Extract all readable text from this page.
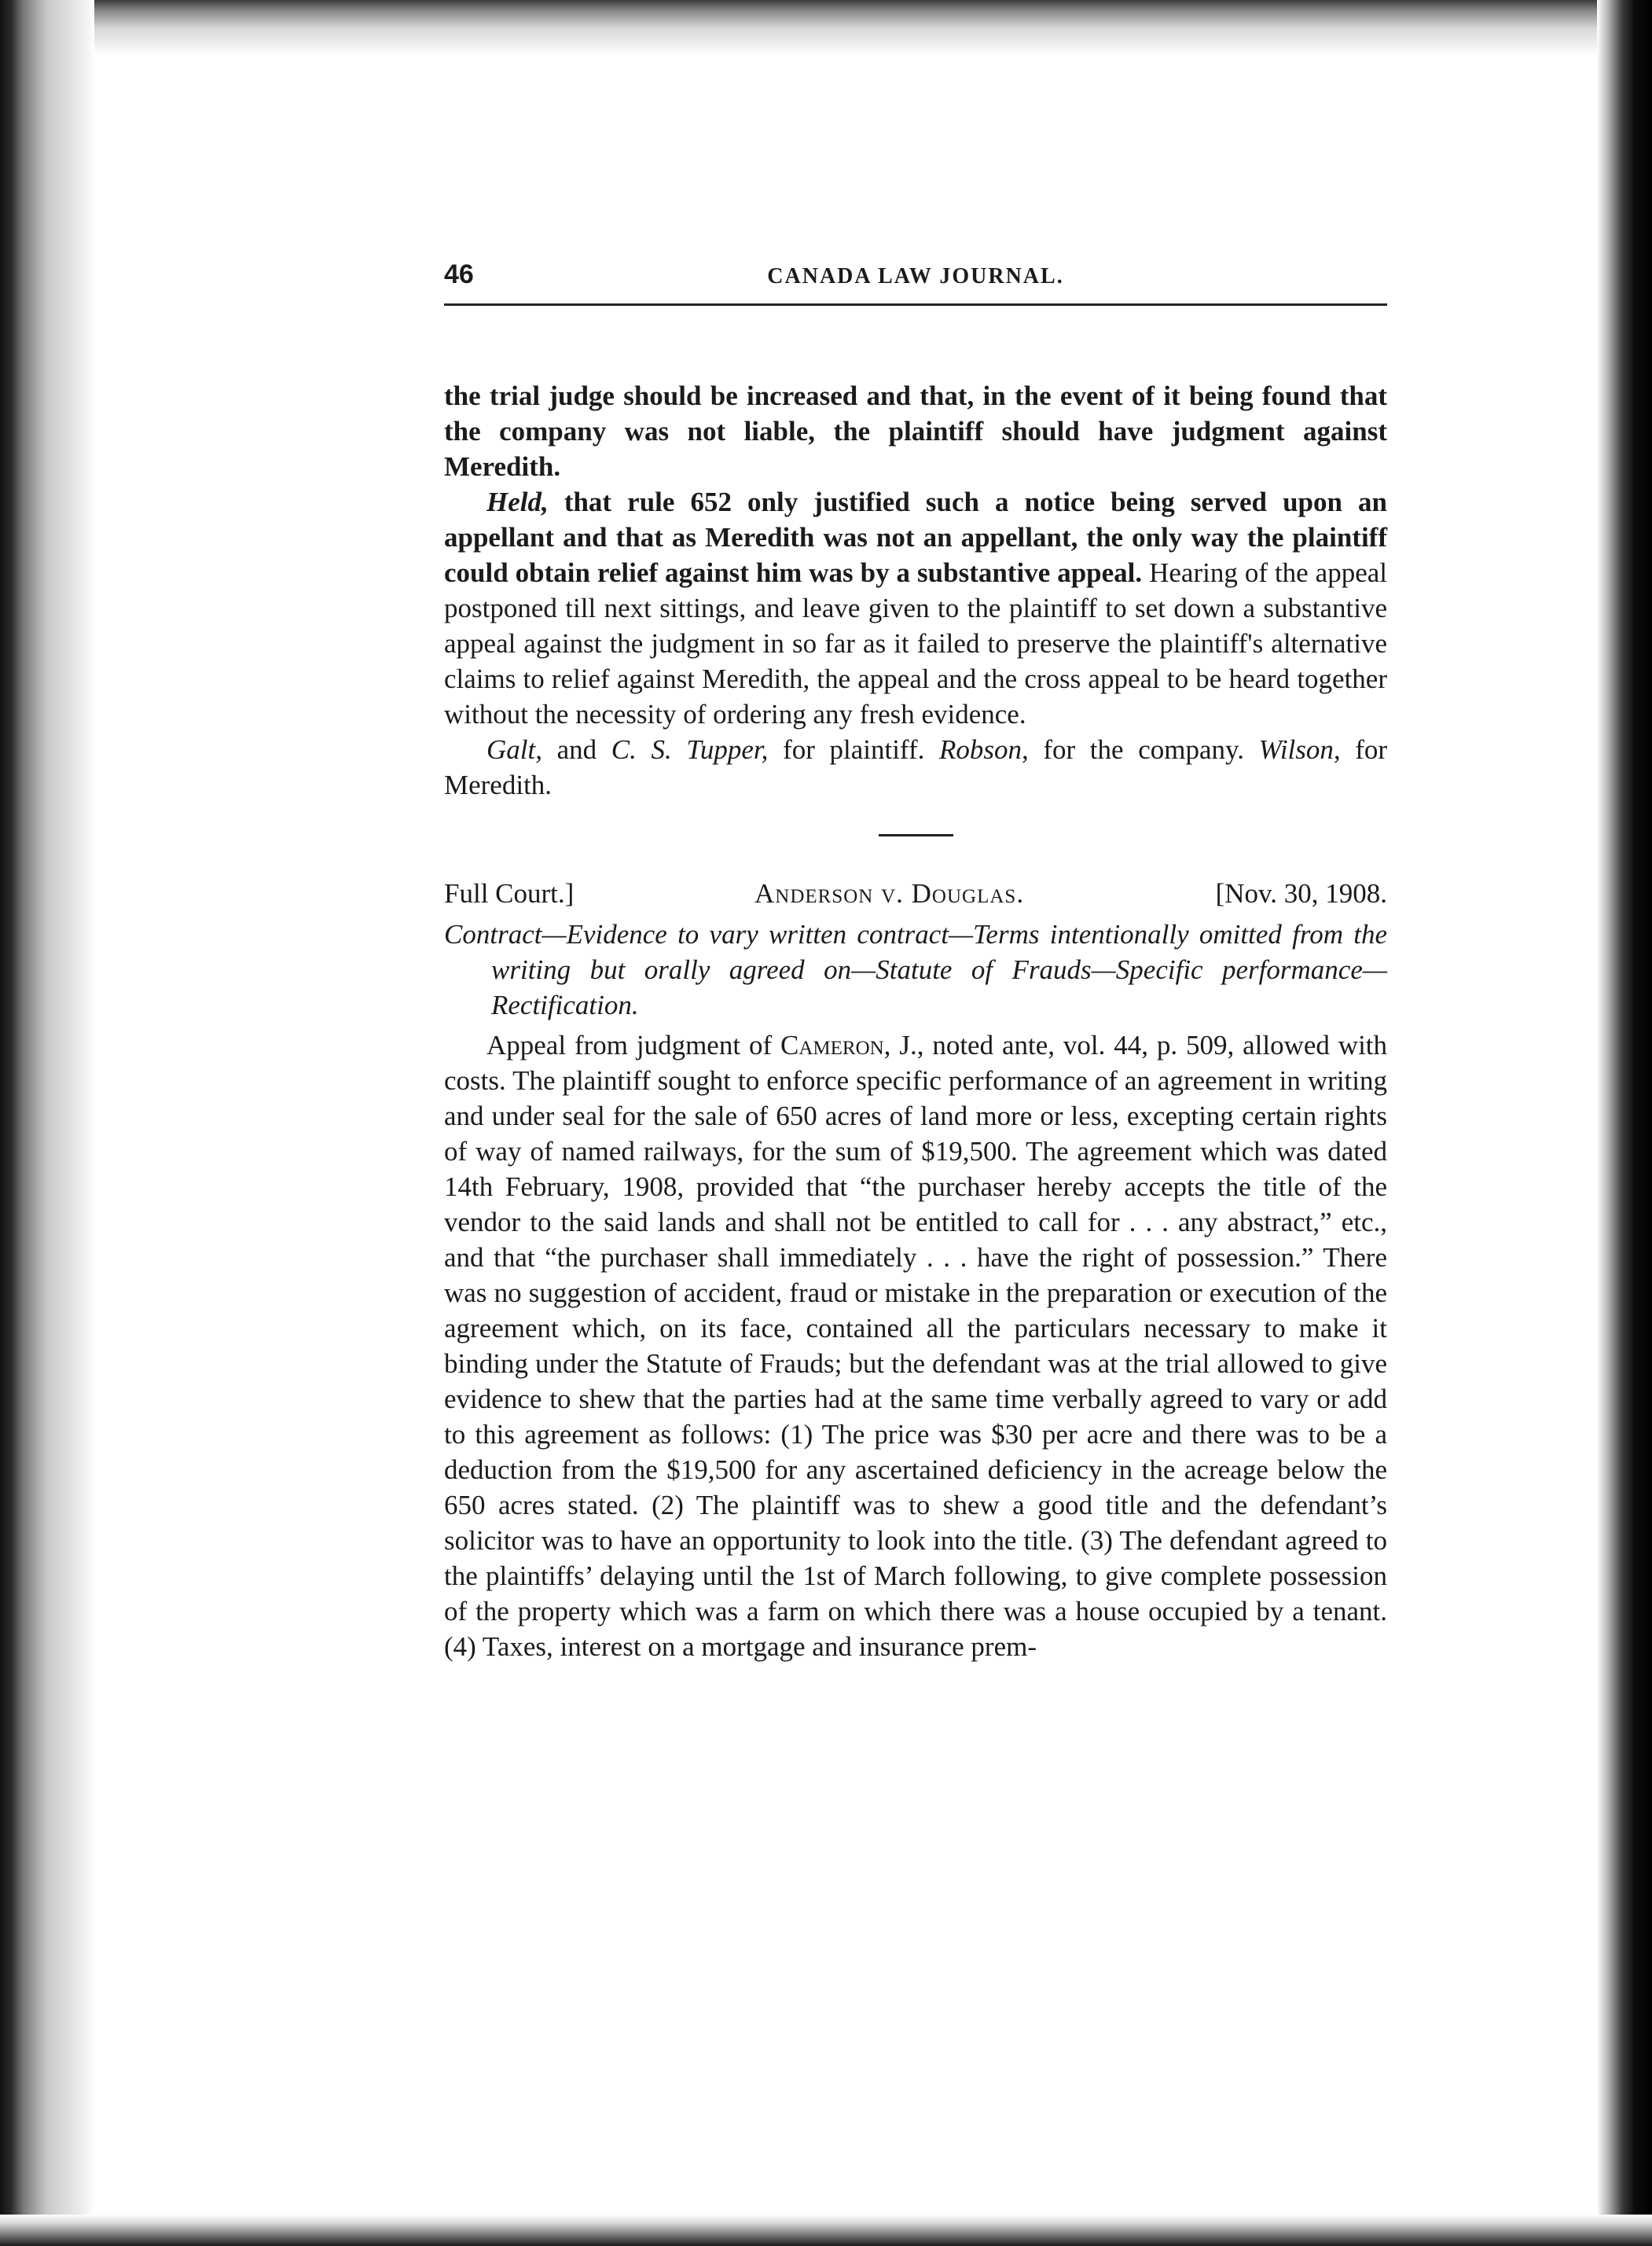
46	CANADA LAW JOURNAL.
the trial judge should be increased and that, in the event of it being found that the company was not liable, the plaintiff should have judgment against Meredith.
Held, that rule 652 only justified such a notice being served upon an appellant and that as Meredith was not an appellant, the only way the plaintiff could obtain relief against him was by a substantive appeal. Hearing of the appeal postponed till next sittings, and leave given to the plaintiff to set down a substantive appeal against the judgment in so far as it failed to preserve the plaintiff's alternative claims to relief against Meredith, the appeal and the cross appeal to be heard together without the necessity of ordering any fresh evidence.
Galt, and C. S. Tupper, for plaintiff. Robson, for the company. Wilson, for Meredith.
Full Court.]	Anderson v. Douglas.	[Nov. 30, 1908.
Contract—Evidence to vary written contract—Terms intentionally omitted from the writing but orally agreed on—Statute of Frauds—Specific performance—Rectification.
Appeal from judgment of Cameron, J., noted ante, vol. 44, p. 509, allowed with costs. The plaintiff sought to enforce specific performance of an agreement in writing and under seal for the sale of 650 acres of land more or less, excepting certain rights of way of named railways, for the sum of $19,500. The agreement which was dated 14th February, 1908, provided that “the purchaser hereby accepts the title of the vendor to the said lands and shall not be entitled to call for . . . any abstract,” etc., and that “the purchaser shall immediately . . . have the right of possession.” There was no suggestion of accident, fraud or mistake in the preparation or execution of the agreement which, on its face, contained all the particulars necessary to make it binding under the Statute of Frauds; but the defendant was at the trial allowed to give evidence to shew that the parties had at the same time verbally agreed to vary or add to this agreement as follows: (1) The price was $30 per acre and there was to be a deduction from the $19,500 for any ascertained deficiency in the acreage below the 650 acres stated. (2) The plaintiff was to shew a good title and the defendant’s solicitor was to have an opportunity to look into the title. (3) The defendant agreed to the plaintiffs’ delaying until the 1st of March following, to give complete possession of the property which was a farm on which there was a house occupied by a tenant. (4) Taxes, interest on a mortgage and insurance prem-
